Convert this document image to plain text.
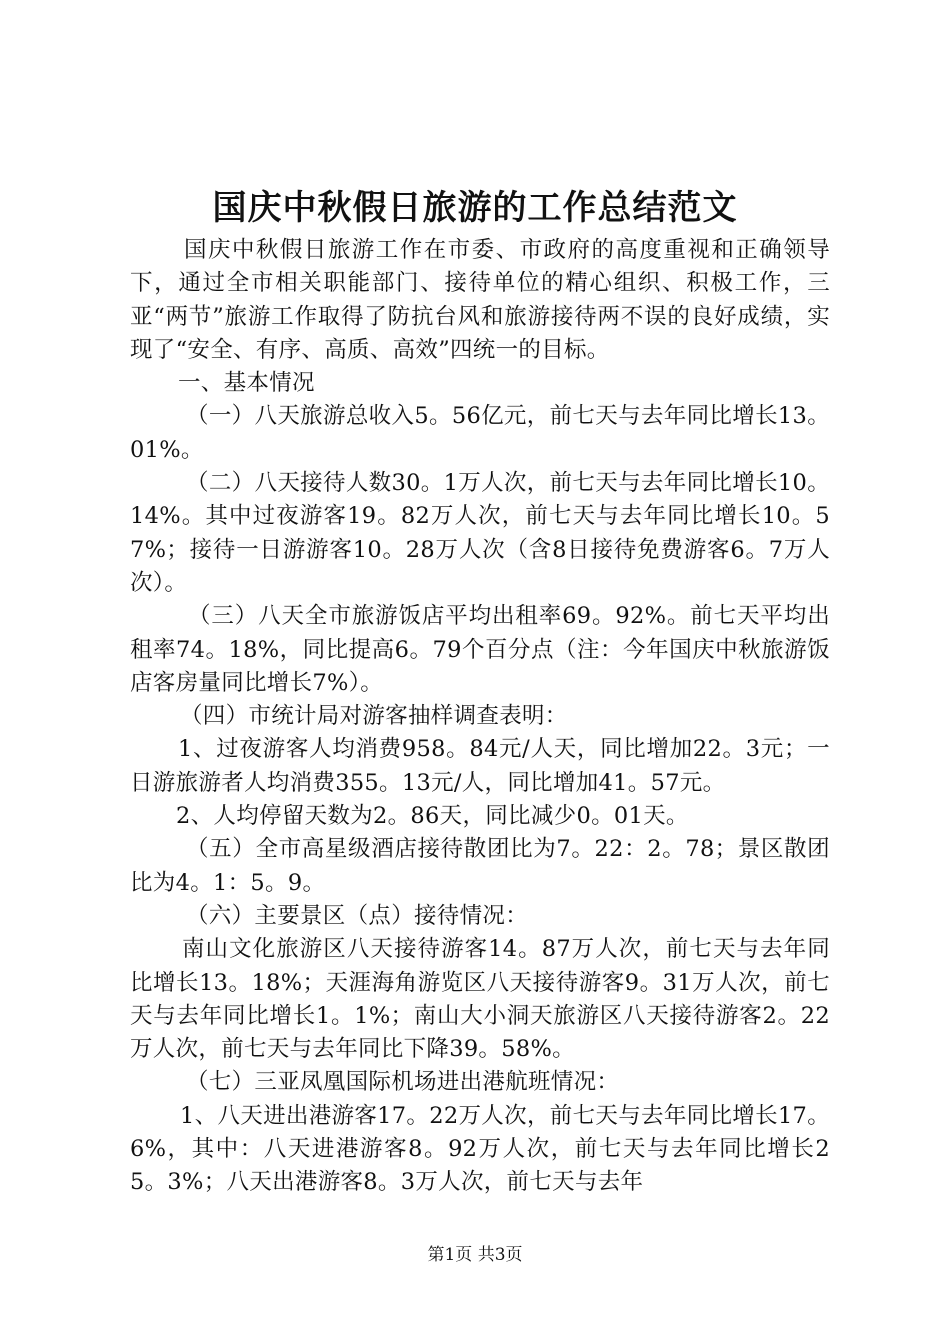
国庆中秋假日旅游的工作总结范文

国庆中秋假日旅游工作在市委、市政府的高度重视和正确领导下，通过全市相关职能部门、接待单位的精心组织、积极工作，三亚“两节”旅游工作取得了防抗台风和旅游接待两不误的良好成绩，实现了“安全、有序、高质、高效”四统一的目标。

一、基本情况

（一）八天旅游总收入5。56亿元，前七天与去年同比增长13。01%。

（二）八天接待人数30。1万人次，前七天与去年同比增长10。14%。其中过夜游客19。82万人次，前七天与去年同比增长10。57%；接待一日游游客10。28万人次（含8日接待免费游客6。7万人次）。

（三）八天全市旅游饭店平均出租率69。92%。前七天平均出租率74。18%，同比提高6。79个百分点（注：今年国庆中秋旅游饭店客房量同比增长7%）。

（四）市统计局对游客抽样调查表明：

1、过夜游客人均消费958。84元/人天，同比增加22。3元；一日游旅游者人均消费355。13元/人，同比增加41。57元。

2、人均停留天数为2。86天，同比减少0。01天。

（五）全市高星级酒店接待散团比为7。22：2。78；景区散团比为4。1：5。9。

（六）主要景区（点）接待情况：

南山文化旅游区八天接待游客14。87万人次，前七天与去年同比增长13。18%；天涯海角游览区八天接待游客9。31万人次，前七天与去年同比增长1。1%；南山大小洞天旅游区八天接待游客2。22万人次，前七天与去年同比下降39。58%。

（七）三亚凤凰国际机场进出港航班情况：

1、八天进出港游客17。22万人次，前七天与去年同比增长17。6%，其中：八天进港游客8。92万人次，前七天与去年同比增长25。3%；八天出港游客8。3万人次，前七天与去年

第1页 共3页
